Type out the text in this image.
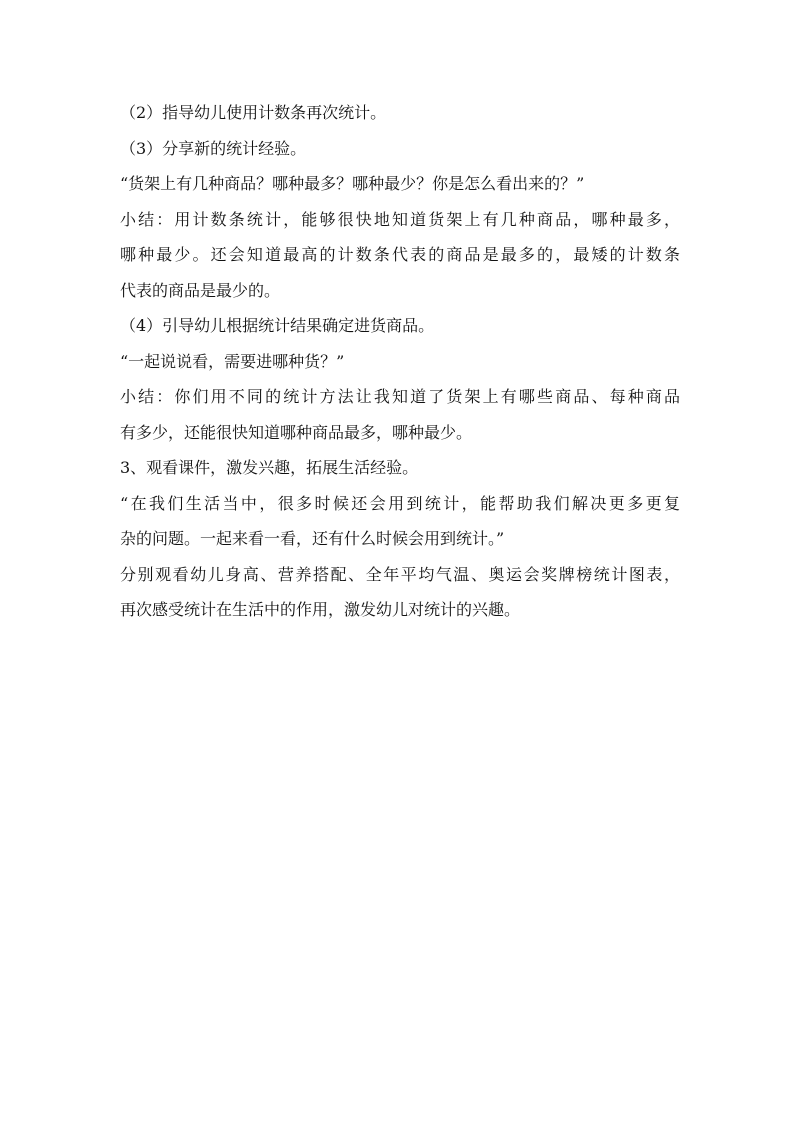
（2）指导幼儿使用计数条再次统计。
（3）分享新的统计经验。
“货架上有几种商品？哪种最多？哪种最少？你是怎么看出来的？”
小结：用计数条统计，能够很快地知道货架上有几种商品，哪种最多，
哪种最少。还会知道最高的计数条代表的商品是最多的，最矮的计数条
代表的商品是最少的。
（4）引导幼儿根据统计结果确定进货商品。
“一起说说看，需要进哪种货？”
小结：你们用不同的统计方法让我知道了货架上有哪些商品、每种商品
有多少，还能很快知道哪种商品最多，哪种最少。
3、观看课件，激发兴趣，拓展生活经验。
“在我们生活当中，很多时候还会用到统计，能帮助我们解决更多更复
杂的问题。一起来看一看，还有什么时候会用到统计。”
分别观看幼儿身高、营养搭配、全年平均气温、奥运会奖牌榜统计图表，
再次感受统计在生活中的作用，激发幼儿对统计的兴趣。
